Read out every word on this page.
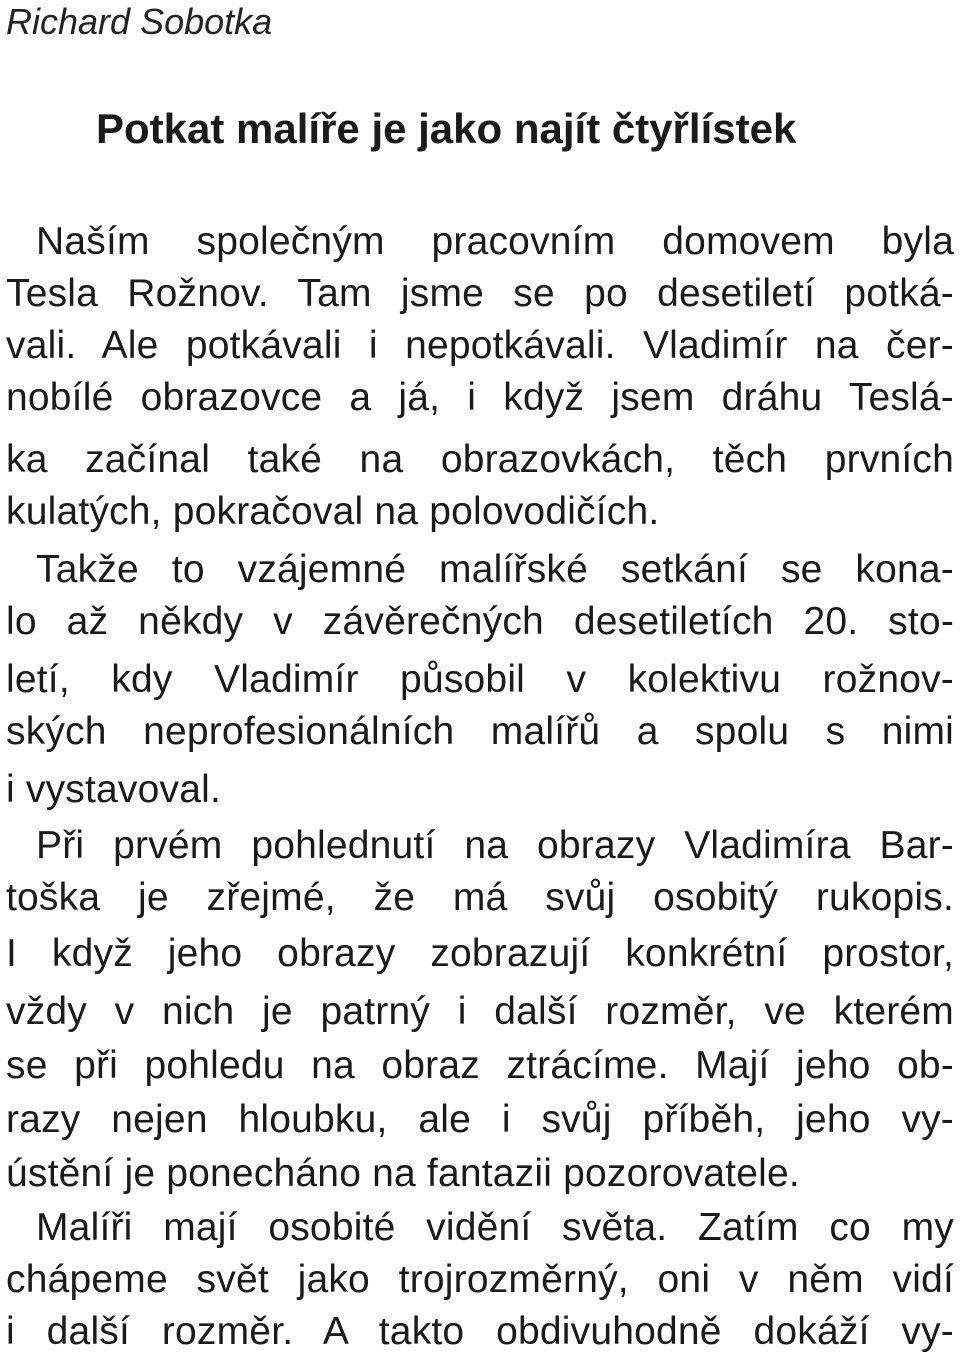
Richard Sobotka
Potkat malíře je jako najít čtyřlístek
Naším společným pracovním domovem byla
Tesla Rožnov. Tam jsme se po desetiletí potká-
vali. Ale potkávali i nepotkávali. Vladimír na čer-
nobílé obrazovce a já, i když jsem dráhu Teslá-
ka začínal také na obrazovkách, těch prvních
kulatých, pokračoval na polovodičích.
Takže to vzájemné malířské setkání se kona-
lo až někdy v závěrečných desetiletích 20. sto-
letí, kdy Vladimír působil v kolektivu rožnov-
ských neprofesionálních malířů a spolu s nimi
i vystavoval.
Při prvém pohlednutí na obrazy Vladimíra Bar-
toška je zřejmé, že má svůj osobitý rukopis.
I když jeho obrazy zobrazují konkrétní prostor,
vždy v nich je patrný i další rozměr, ve kterém
se při pohledu na obraz ztrácíme. Mají jeho ob-
razy nejen hloubku, ale i svůj příběh, jeho vy-
ústění je ponecháno na fantazii pozorovatele.
Malíři mají osobité vidění světa. Zatím co my
chápeme svět jako trojrozměrný, oni v něm vidí
i další rozměr. A takto obdivuhodně dokáží vy-
